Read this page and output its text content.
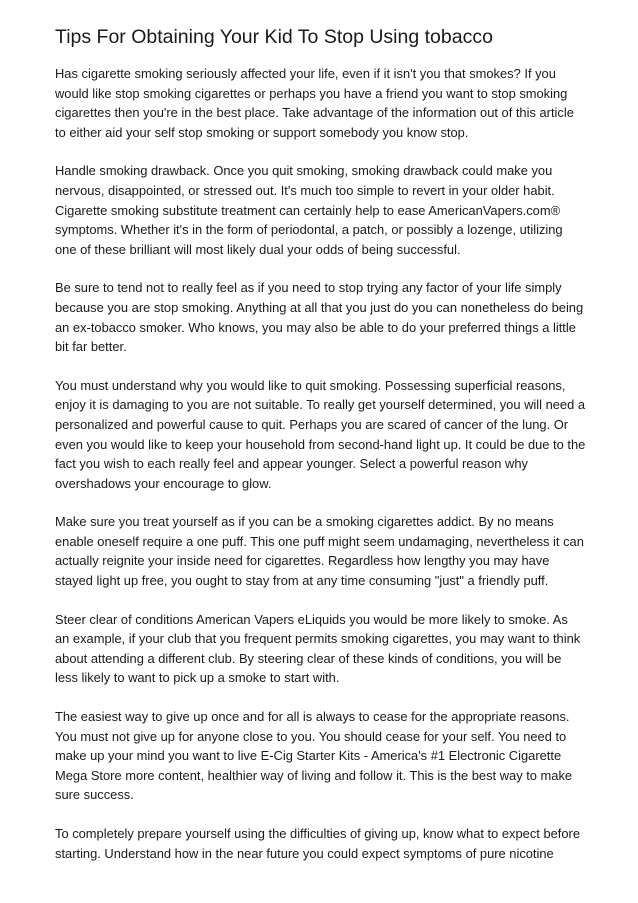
Tips For Obtaining Your Kid To Stop Using tobacco

Has cigarette smoking seriously affected your life, even if it isn't you that smokes? If you
would like stop smoking cigarettes or perhaps you have a friend you want to stop smoking
cigarettes then you're in the best place. Take advantage of the information out of this article
to either aid your self stop smoking or support somebody you know stop.

Handle smoking drawback. Once you quit smoking, smoking drawback could make you
nervous, disappointed, or stressed out. It's much too simple to revert in your older habit.
Cigarette smoking substitute treatment can certainly help to ease AmericanVapers.com®
symptoms. Whether it's in the form of periodontal, a patch, or possibly a lozenge, utilizing
one of these brilliant will most likely dual your odds of being successful.

Be sure to tend not to really feel as if you need to stop trying any factor of your life simply
because you are stop smoking. Anything at all that you just do you can nonetheless do being
an ex-tobacco smoker. Who knows, you may also be able to do your preferred things a little
bit far better.

You must understand why you would like to quit smoking. Possessing superficial reasons,
enjoy it is damaging to you are not suitable. To really get yourself determined, you will need a
personalized and powerful cause to quit. Perhaps you are scared of cancer of the lung. Or
even you would like to keep your household from second-hand light up. It could be due to the
fact you wish to each really feel and appear younger. Select a powerful reason why
overshadows your encourage to glow.

Make sure you treat yourself as if you can be a smoking cigarettes addict. By no means
enable oneself require a one puff. This one puff might seem undamaging, nevertheless it can
actually reignite your inside need for cigarettes. Regardless how lengthy you may have
stayed light up free, you ought to stay from at any time consuming "just" a friendly puff.

Steer clear of conditions American Vapers eLiquids you would be more likely to smoke. As
an example, if your club that you frequent permits smoking cigarettes, you may want to think
about attending a different club. By steering clear of these kinds of conditions, you will be
less likely to want to pick up a smoke to start with.

The easiest way to give up once and for all is always to cease for the appropriate reasons.
You must not give up for anyone close to you. You should cease for your self. You need to
make up your mind you want to live E-Cig Starter Kits - America's #1 Electronic Cigarette
Mega Store more content, healthier way of living and follow it. This is the best way to make
sure success.

To completely prepare yourself using the difficulties of giving up, know what to expect before
starting. Understand how in the near future you could expect symptoms of pure nicotine
